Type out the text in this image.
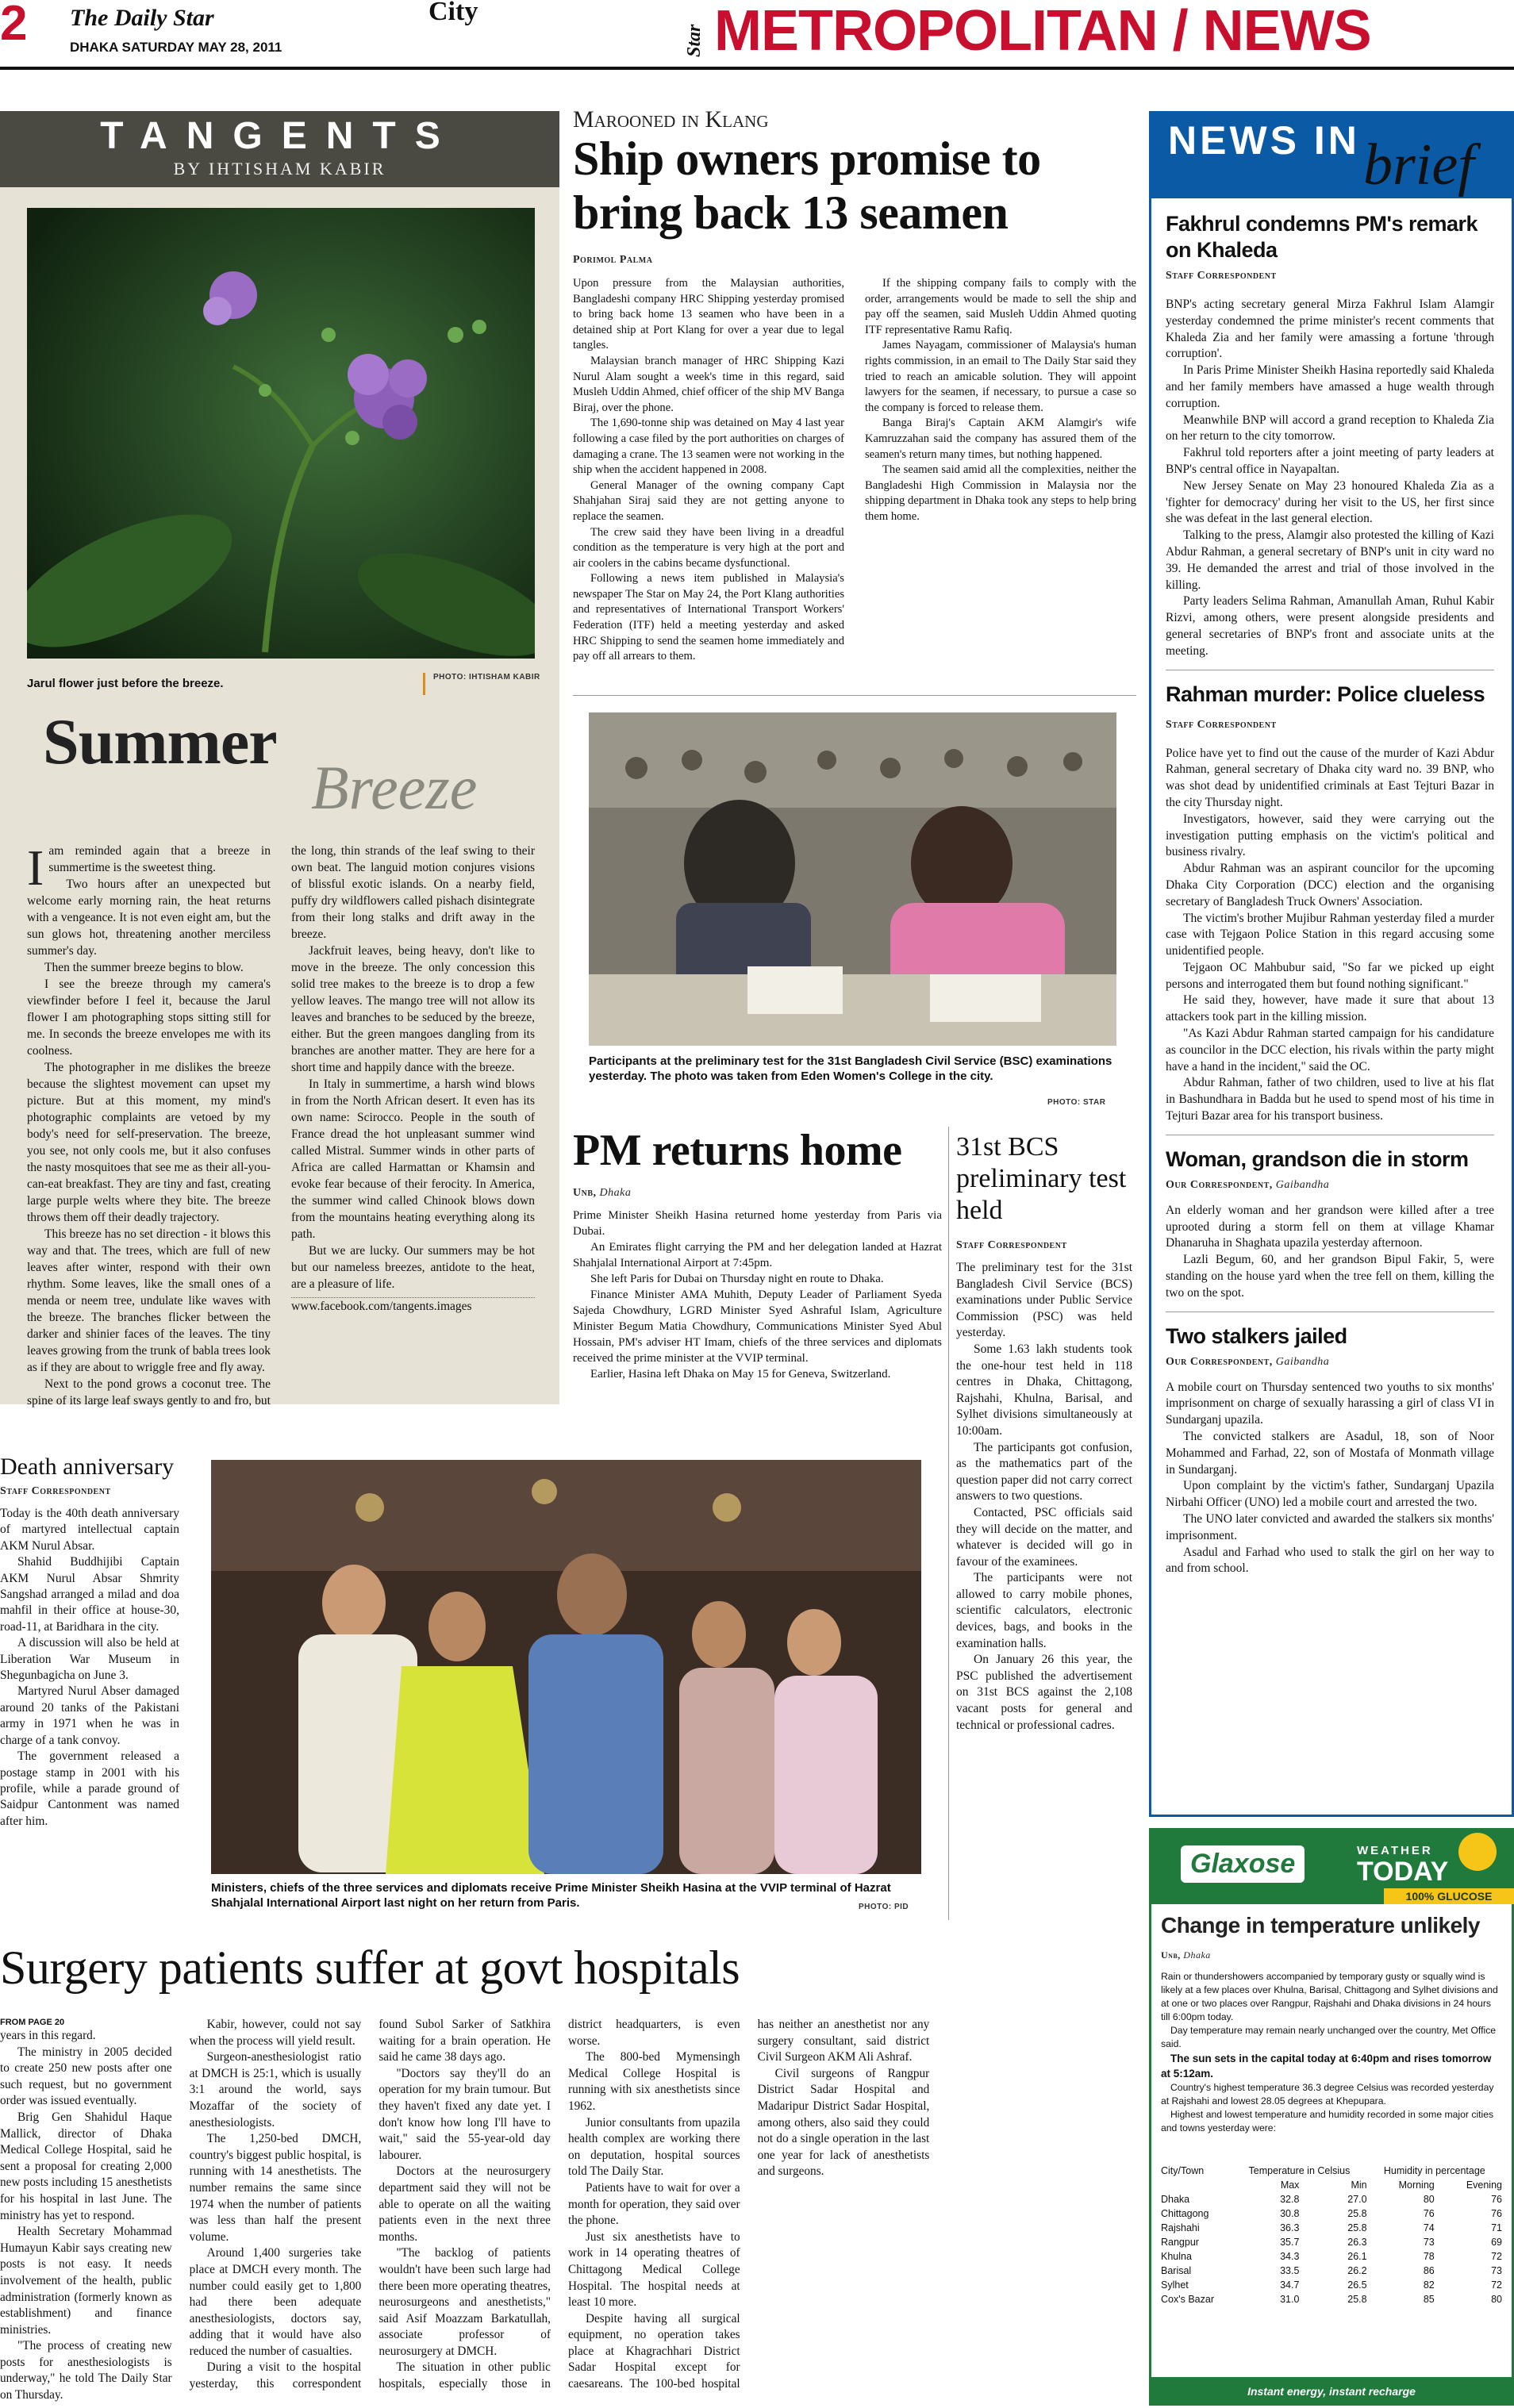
2 The Daily Star
DHAKA SATURDAY MAY 28, 2011
City
Star METROPOLITAN / NEWS
TANGENTS
BY IHTISHAM KABIR
Jarul flower just before the breeze.	PHOTO: IHTISHAM KABIR
Summer
Breeze

Iam reminded again that a breeze in summertime is the sweetest thing.

Two hours after an unexpected but welcome early morning rain, the heat returns with a vengeance. It is not even eight am, but the sun glows hot, threatening another merciless summer's day.

Then the summer breeze begins to blow.

I see the breeze through my camera's viewfinder before I feel it, because the Jarul flower I am photographing stops sitting still for me. In seconds the breeze envelopes me with its coolness.

The photographer in me dislikes the breeze because the slightest movement can upset my picture. But at this moment, my mind's photographic complaints are vetoed by my body's need for self-preservation. The breeze, you see, not only cools me, but it also confuses the nasty mosquitoes that see me as their all-you-can-eat breakfast. They are tiny and fast, creating large purple welts where they bite. The breeze throws them off their deadly trajectory.

This breeze has no set direction - it blows this way and that. The trees, which are full of new leaves after winter, respond with their own rhythm. Some leaves, like the small ones of a menda or neem tree, undulate like waves with the breeze. The branches flicker between the darker and shinier faces of the leaves. The tiny leaves growing from the trunk of babla trees look as if they are about to wriggle free and fly away.

Next to the pond grows a coconut tree. The spine of its large leaf sways gently to and fro, but the long, thin strands of the leaf swing to their own beat. The languid motion conjures visions of blissful exotic islands. On a nearby field, puffy dry wildflowers called pishach disintegrate from their long stalks and drift away in the breeze.

Jackfruit leaves, being heavy, don't like to move in the breeze. The only concession this solid tree makes to the breeze is to drop a few yellow leaves. The mango tree will not allow its leaves and branches to be seduced by the breeze, either. But the green mangoes dangling from its branches are another matter. They are here for a short time and happily dance with the breeze.

In Italy in summertime, a harsh wind blows in from the North African desert. It even has its own name: Scirocco. People in the south of France dread the hot unpleasant summer wind called Mistral. Summer winds in other parts of Africa are called Harmattan or Khamsin and evoke fear because of their ferocity. In America, the summer wind called Chinook blows down from the mountains heating everything along its path.

But we are lucky. Our summers may be hot but our nameless breezes, antidote to the heat, are a pleasure of life.

www.facebook.com/tangents.images

Marooned in Klang
Ship owners promise to bring back 13 seamen
Porimol Palma

Upon pressure from the Malaysian authorities, Bangladeshi company HRC Shipping yesterday promised to bring back home 13 seamen who have been in a detained ship at Port Klang for over a year due to legal tangles.

Malaysian branch manager of HRC Shipping Kazi Nurul Alam sought a week's time in this regard, said Musleh Uddin Ahmed, chief officer of the ship MV Banga Biraj, over the phone.

The 1,690-tonne ship was detained on May 4 last year following a case filed by the port authorities on charges of damaging a crane. The 13 seamen were not working in the ship when the accident happened in 2008.

General Manager of the owning company Capt Shahjahan Siraj said they are not getting anyone to replace the seamen.

The crew said they have been living in a dreadful condition as the temperature is very high at the port and air coolers in the cabins became dysfunctional.

Following a news item published in Malaysia's newspaper The Star on May 24, the Port Klang authorities and representatives of International Transport Workers' Federation (ITF) held a meeting yesterday and asked HRC Shipping to send the seamen home immediately and pay off all arrears to them.

If the shipping company fails to comply with the order, arrangements would be made to sell the ship and pay off the seamen, said Musleh Uddin Ahmed quoting ITF representative Ramu Rafiq.

James Nayagam, commissioner of Malaysia's human rights commission, in an email to The Daily Star said they tried to reach an amicable solution. They will appoint lawyers for the seamen, if necessary, to pursue a case so the company is forced to release them.

Banga Biraj's Captain AKM Alamgir's wife Kamruzzahan said the company has assured them of the seamen's return many times, but nothing happened.

The seamen said amid all the complexities, neither the Bangladeshi High Commission in Malaysia nor the shipping department in Dhaka took any steps to help bring them home.

Participants at the preliminary test for the 31st Bangladesh Civil Service (BSC) examinations yesterday. The photo was taken from Eden Women's College in the city.
PHOTO: STAR
PM returns home
Unb, Dhaka

Prime Minister Sheikh Hasina returned home yesterday from Paris via Dubai.

An Emirates flight carrying the PM and her delegation landed at Hazrat Shahjalal International Airport at 7:45pm.

She left Paris for Dubai on Thursday night en route to Dhaka.

Finance Minister AMA Muhith, Deputy Leader of Parliament Syeda Sajeda Chowdhury, LGRD Minister Syed Ashraful Islam, Agriculture Minister Begum Matia Chowdhury, Communications Minister Syed Abul Hossain, PM's adviser HT Imam, chiefs of the three services and diplomats received the prime minister at the VVIP terminal.

Earlier, Hasina left Dhaka on May 15 for Geneva, Switzerland.

31st BCS preliminary test held
Staff Correspondent

The preliminary test for the 31st Bangladesh Civil Service (BCS) examinations under Public Service Commission (PSC) was held yesterday.

Some 1.63 lakh students took the one-hour test held in 118 centres in Dhaka, Chittagong, Rajshahi, Khulna, Barisal, and Sylhet divisions simultaneously at 10:00am.

The participants got confusion, as the mathematics part of the question paper did not carry correct answers to two questions.

Contacted, PSC officials said they will decide on the matter, and whatever is decided will go in favour of the examinees.

The participants were not allowed to carry mobile phones, scientific calculators, electronic devices, bags, and books in the examination halls.

On January 26 this year, the PSC published the advertisement on 31st BCS against the 2,108 vacant posts for general and technical or professional cadres.

Death anniversary
Staff Correspondent

Today is the 40th death anniversary of martyred intellectual captain AKM Nurul Absar.

Shahid Buddhijibi Captain AKM Nurul Absar Shmrity Sangshad arranged a milad and doa mahfil in their office at house-30, road-11, at Baridhara in the city.

A discussion will also be held at Liberation War Museum in Shegunbagicha on June 3.

Martyred Nurul Abser damaged around 20 tanks of the Pakistani army in 1971 when he was in charge of a tank convoy.

The government released a postage stamp in 2001 with his profile, while a parade ground of Saidpur Cantonment was named after him.

Ministers, chiefs of the three services and diplomats receive Prime Minister Sheikh Hasina at the VVIP terminal of Hazrat Shahjalal International Airport last night on her return from Paris.	PHOTO: PID
Surgery patients suffer at govt hospitals

FROM PAGE 20

years in this regard.

The ministry in 2005 decided to create 250 new posts after one such request, but no government order was issued eventually.

Brig Gen Shahidul Haque Mallick, director of Dhaka Medical College Hospital, said he sent a proposal for creating 2,000 new posts including 15 anesthetists for his hospital in last June. The ministry has yet to respond.

Health Secretary Mohammad Humayun Kabir says creating new posts is not easy. It needs involvement of the health, public administration (formerly known as establishment) and finance ministries.

"The process of creating new posts for anesthesiologists is underway," he told The Daily Star on Thursday.

Kabir, however, could not say when the process will yield result.

Surgeon-anesthesiologist ratio at DMCH is 25:1, which is usually 3:1 around the world, says Mozaffar of the society of anesthesiologists.

The 1,250-bed DMCH, country's biggest public hospital, is running with 14 anesthetists. The number remains the same since 1974 when the number of patients was less than half the present volume.

Around 1,400 surgeries take place at DMCH every month. The number could easily get to 1,800 had there been adequate anesthesiologists, doctors say, adding that it would have also reduced the number of casualties.

During a visit to the hospital yesterday, this correspondent found Subol Sarker of Satkhira waiting for a brain operation. He said he came 38 days ago.

"Doctors say they'll do an operation for my brain tumour. But they haven't fixed any date yet. I don't know how long I'll have to wait," said the 55-year-old day labourer.

Doctors at the neurosurgery department said they will not be able to operate on all the waiting patients even in the next three months.

"The backlog of patients wouldn't have been such large had there been more operating theatres, neurosurgeons and anesthetists," said Asif Moazzam Barkatullah, associate professor of neurosurgery at DMCH.

The situation in other public hospitals, especially those in district headquarters, is even worse.

The 800-bed Mymensingh Medical College Hospital is running with six anesthetists since 1962.

Junior consultants from upazila health complex are working there on deputation, hospital sources told The Daily Star.

Patients have to wait for over a month for operation, they said over the phone.

Just six anesthetists have to work in 14 operating theatres of Chittagong Medical College Hospital. The hospital needs at least 10 more.

Despite having all surgical equipment, no operation takes place at Khagrachhari District Sadar Hospital except for caesareans. The 100-bed hospital has neither an anesthetist nor any surgery consultant, said district Civil Surgeon AKM Ali Ashraf.

Civil surgeons of Rangpur District Sadar Hospital and Madaripur District Sadar Hospital, among others, also said they could not do a single operation in the last one year for lack of anesthetists and surgeons.

NEWS IN brief
Fakhrul condemns PM's remark on Khaleda
Staff Correspondent

BNP's acting secretary general Mirza Fakhrul Islam Alamgir yesterday condemned the prime minister's recent comments that Khaleda Zia and her family were amassing a fortune 'through corruption'.

In Paris Prime Minister Sheikh Hasina reportedly said Khaleda and her family members have amassed a huge wealth through corruption.

Meanwhile BNP will accord a grand reception to Khaleda Zia on her return to the city tomorrow.

Fakhrul told reporters after a joint meeting of party leaders at BNP's central office in Nayapaltan.

New Jersey Senate on May 23 honoured Khaleda Zia as a 'fighter for democracy' during her visit to the US, her first since she was defeat in the last general election.

Talking to the press, Alamgir also protested the killing of Kazi Abdur Rahman, a general secretary of BNP's unit in city ward no 39. He demanded the arrest and trial of those involved in the killing.

Party leaders Selima Rahman, Amanullah Aman, Ruhul Kabir Rizvi, among others, were present alongside presidents and general secretaries of BNP's front and associate units at the meeting.

Rahman murder: Police clueless
Staff Correspondent

Police have yet to find out the cause of the murder of Kazi Abdur Rahman, general secretary of Dhaka city ward no. 39 BNP, who was shot dead by unidentified criminals at East Tejturi Bazar in the city Thursday night.

Investigators, however, said they were carrying out the investigation putting emphasis on the victim's political and business rivalry.

Abdur Rahman was an aspirant councilor for the upcoming Dhaka City Corporation (DCC) election and the organising secretary of Bangladesh Truck Owners' Association.

The victim's brother Mujibur Rahman yesterday filed a murder case with Tejgaon Police Station in this regard accusing some unidentified people.

Tejgaon OC Mahbubur said, "So far we picked up eight persons and interrogated them but found nothing significant."

He said they, however, have made it sure that about 13 attackers took part in the killing mission.

"As Kazi Abdur Rahman started campaign for his candidature as councilor in the DCC election, his rivals within the party might have a hand in the incident," said the OC.

Abdur Rahman, father of two children, used to live at his flat in Bashundhara in Badda but he used to spend most of his time in Tejturi Bazar area for his transport business.

Woman, grandson die in storm
Our Correspondent, Gaibandha

An elderly woman and her grandson were killed after a tree uprooted during a storm fell on them at village Khamar Dhanaruha in Shaghata upazila yesterday afternoon.

Lazli Begum, 60, and her grandson Bipul Fakir, 5, were standing on the house yard when the tree fell on them, killing the two on the spot.

Two stalkers jailed
Our Correspondent, Gaibandha

A mobile court on Thursday sentenced two youths to six months' imprisonment on charge of sexually harassing a girl of class VI in Sundarganj upazila.

The convicted stalkers are Asadul, 18, son of Noor Mohammed and Farhad, 22, son of Mostafa of Monmath village in Sundarganj.

Upon complaint by the victim's father, Sundarganj Upazila Nirbahi Officer (UNO) led a mobile court and arrested the two.

The UNO later convicted and awarded the stalkers six months' imprisonment.

Asadul and Farhad who used to stalk the girl on her way to and from school.

Glaxose	WEATHER
TODAY
100% GLUCOSE
Change in temperature unlikely
Unb, Dhaka

Rain or thundershowers accompanied by temporary gusty or squally wind is likely at a few places over Khulna, Barisal, Chittagong and Sylhet divisions and at one or two places over Rangpur, Rajshahi and Dhaka divisions in 24 hours till 6:00pm today.

Day temperature may remain nearly unchanged over the country, Met Office said.

The sun sets in the capital today at 6:40pm and rises tomorrow at 5:12am.

Country's highest temperature 36.3 degree Celsius was recorded yesterday at Rajshahi and lowest 28.05 degrees at Khepupara.

Highest and lowest temperature and humidity recorded in some major cities and towns yesterday were:

City/Town	Temperature in Celsius		Humidity in percentage	
	Max	Min	Morning	Evening
Dhaka	32.8	27.0	80	76
Chittagong	30.8	25.8	76	76
Rajshahi	36.3	25.8	74	71
Rangpur	35.7	26.3	73	69
Khulna	34.3	26.1	78	72
Barisal	33.5	26.2	86	73
Sylhet	34.7	26.5	82	72
Cox's Bazar	31.0	25.8	85	80
Instant energy, instant recharge
